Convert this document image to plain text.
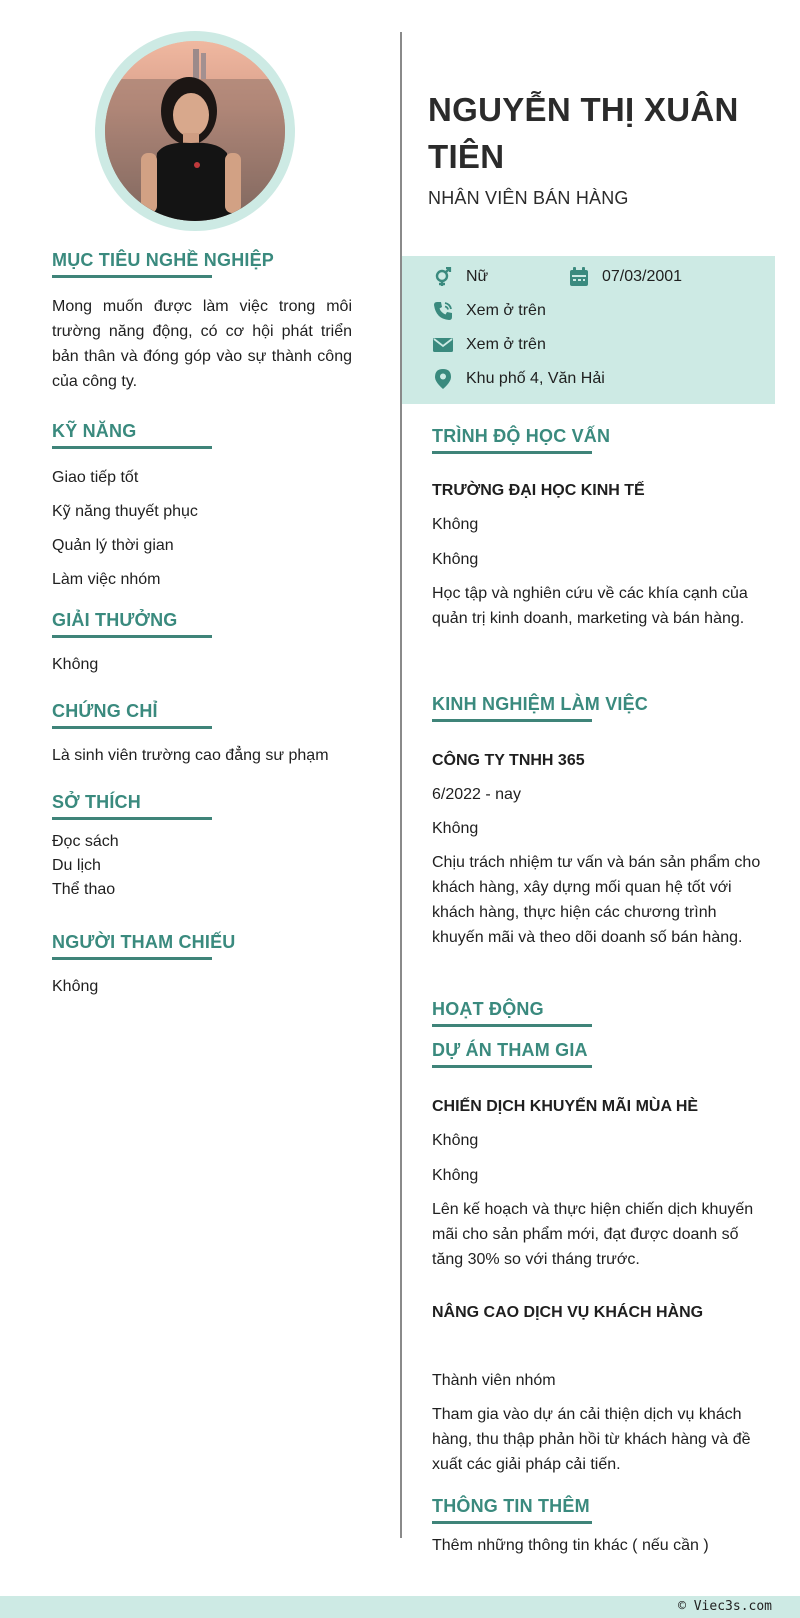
MỤC TIÊU NGHỀ NGHIỆP
Mong muốn được làm việc trong môi trường năng động, có cơ hội phát triển bản thân và đóng góp vào sự thành công của công ty.
KỸ NĂNG
Giao tiếp tốt
Kỹ năng thuyết phục
Quản lý thời gian
Làm việc nhóm
GIẢI THƯỞNG
Không
CHỨNG CHỈ
Là sinh viên trường cao đẳng sư phạm
SỞ THÍCH
Đọc sách
Du lịch
Thể thao
NGƯỜI THAM CHIẾU
Không
NGUYỄN THỊ XUÂN
TIÊN
NHÂN VIÊN BÁN HÀNG
Nữ	07/03/2001
Xem ở trên
Xem ở trên
Khu phố 4, Văn Hải
TRÌNH ĐỘ HỌC VẤN
TRƯỜNG ĐẠI HỌC KINH TẾ
Không
Không
Học tập và nghiên cứu về các khía cạnh của quản trị kinh doanh, marketing và bán hàng.
KINH NGHIỆM LÀM VIỆC
CÔNG TY TNHH 365
6/2022 - nay
Không
Chịu trách nhiệm tư vấn và bán sản phẩm cho khách hàng, xây dựng mối quan hệ tốt với khách hàng, thực hiện các chương trình khuyến mãi và theo dõi doanh số bán hàng.
HOẠT ĐỘNG
DỰ ÁN THAM GIA
CHIẾN DỊCH KHUYẾN MÃI MÙA HÈ
Không
Không
Lên kế hoạch và thực hiện chiến dịch khuyến mãi cho sản phẩm mới, đạt được doanh số tăng 30% so với tháng trước.
NÂNG CAO DỊCH VỤ KHÁCH HÀNG
Thành viên nhóm
Tham gia vào dự án cải thiện dịch vụ khách hàng, thu thập phản hồi từ khách hàng và đề xuất các giải pháp cải tiến.
THÔNG TIN THÊM
Thêm những thông tin khác ( nếu cần )
© Viec3s.com
